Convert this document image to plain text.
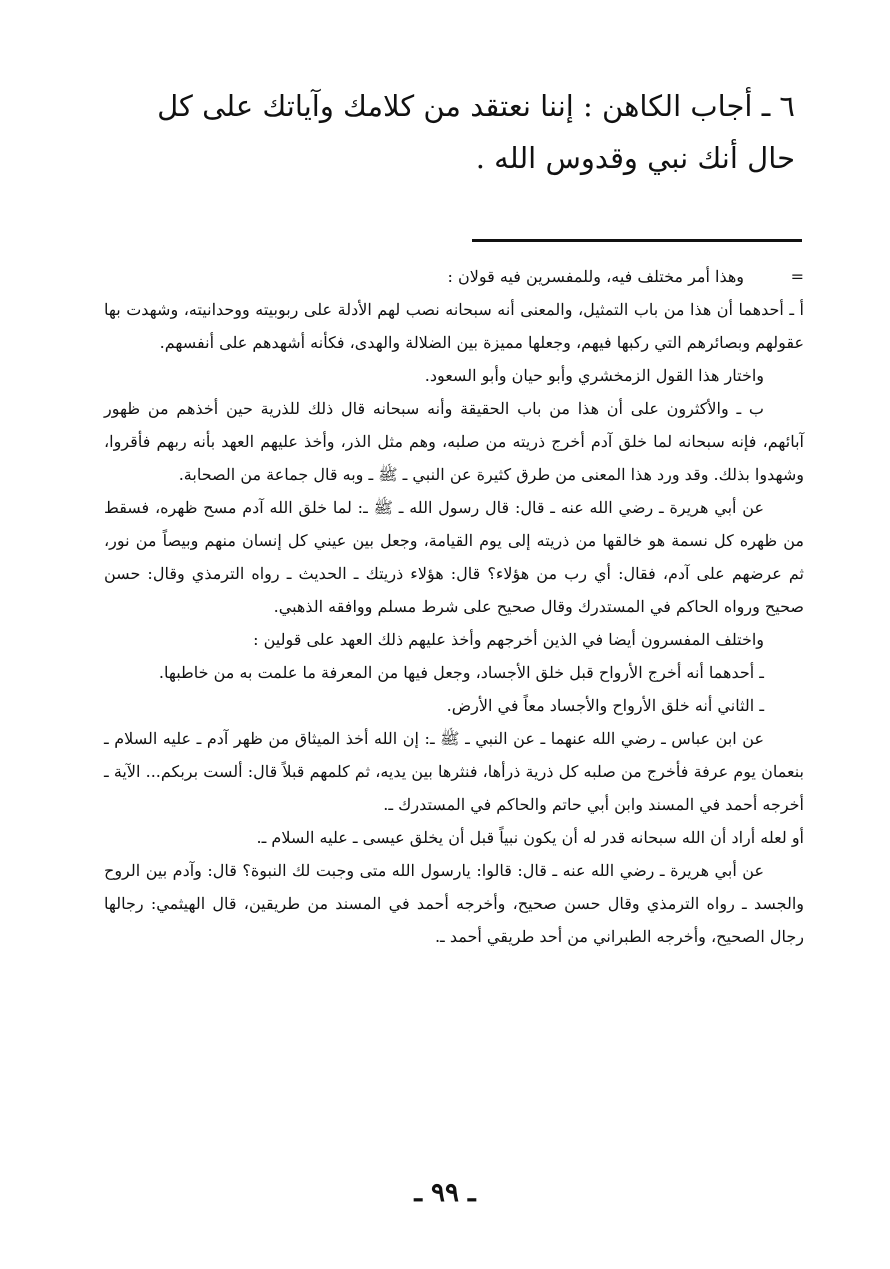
٦ ـ أجاب الكاهن : إننا نعتقد من كلامك وآياتك على كل حال أنك نبي وقدوس الله .

=
وهذا أمر مختلف فيه، وللمفسرين فيه قولان :

أ ـ أحدهما أن هذا من باب التمثيل، والمعنى أنه سبحانه نصب لهم الأدلة على ربوبيته ووحدانيته، وشهدت بها عقولهم وبصائرهم التي ركبها فيهم، وجعلها مميزة بين الضلالة والهدى، فكأنه أشهدهم على أنفسهم.

واختار هذا القول الزمخشري وأبو حيان وأبو السعود.

ب ـ والأكثرون على أن هذا من باب الحقيقة وأنه سبحانه قال ذلك للذرية حين أخذهم من ظهور آبائهم، فإنه سبحانه لما خلق آدم أخرج ذريته من صلبه، وهم مثل الذر، وأخذ عليهم العهد بأنه ربهم فأقروا، وشهدوا بذلك. وقد ورد هذا المعنى من طرق كثيرة عن النبي ـ ﷺ ـ وبه قال جماعة من الصحابة.

عن أبي هريرة ـ رضي الله عنه ـ قال: قال رسول الله ـ ﷺ ـ: لما خلق الله آدم مسح ظهره، فسقط من ظهره كل نسمة هو خالقها من ذريته إلى يوم القيامة، وجعل بين عيني كل إنسان منهم وبيصاً من نور، ثم عرضهم على آدم، فقال: أي رب من هؤلاء؟ قال: هؤلاء ذريتك ـ الحديث ـ رواه الترمذي وقال: حسن صحيح ورواه الحاكم في المستدرك وقال صحيح على شرط مسلم ووافقه الذهبي.

واختلف المفسرون أيضا في الذين أخرجهم وأخذ عليهم ذلك العهد على قولين :

ـ أحدهما أنه أخرج الأرواح قبل خلق الأجساد، وجعل فيها من المعرفة ما علمت به من خاطبها.

ـ الثاني أنه خلق الأرواح والأجساد معاً في الأرض.

عن ابن عباس ـ رضي الله عنهما ـ عن النبي ـ ﷺ ـ: إن الله أخذ الميثاق من ظهر آدم ـ عليه السلام ـ بنعمان يوم عرفة فأخرج من صلبه كل ذرية ذرأها، فنثرها بين يديه، ثم كلمهم قبلاً قال: ألست بربكم... الآية ـ أخرجه أحمد في المسند وابن أبي حاتم والحاكم في المستدرك ـ.

أو لعله أراد أن الله سبحانه قدر له أن يكون نبياً قبل أن يخلق عيسى ـ عليه السلام ـ.

عن أبي هريرة ـ رضي الله عنه ـ قال: قالوا: يارسول الله متى وجبت لك النبوة؟ قال: وآدم بين الروح والجسد ـ رواه الترمذي وقال حسن صحيح، وأخرجه أحمد في المسند من طريقين، قال الهيثمي: رجالها رجال الصحيح، وأخرجه الطبراني من أحد طريقي أحمد ـ.

ـ ٩٩ ـ
